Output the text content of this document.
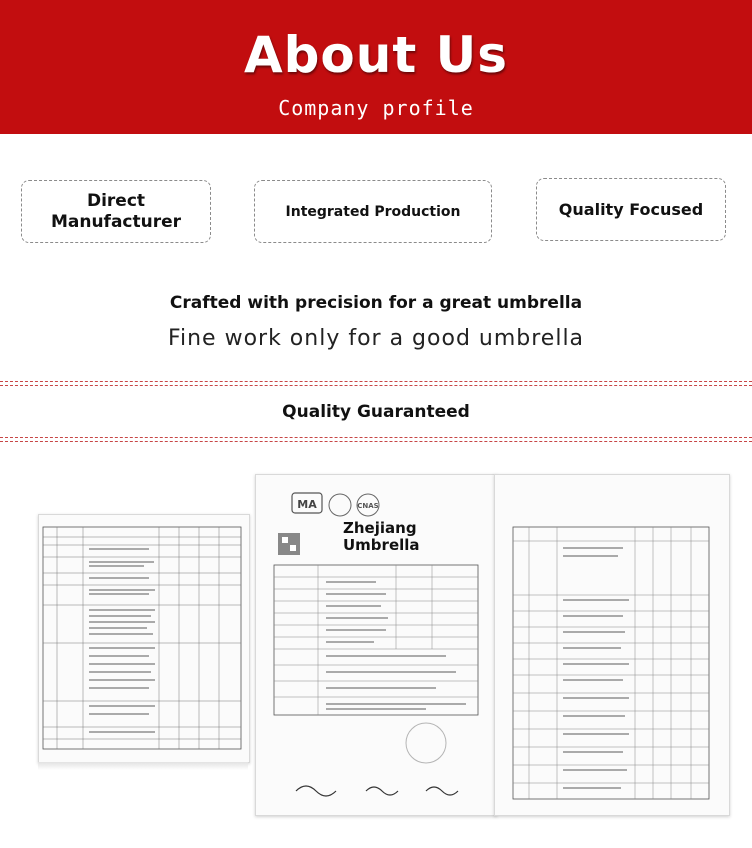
About Us
Company profile
Direct Manufacturer	Integrated Production	Quality Focused
Crafted with precision for a great umbrella
Fine work only for a good umbrella
Quality Guaranteed
MA	CNAS
Zhejiang
Umbrella
